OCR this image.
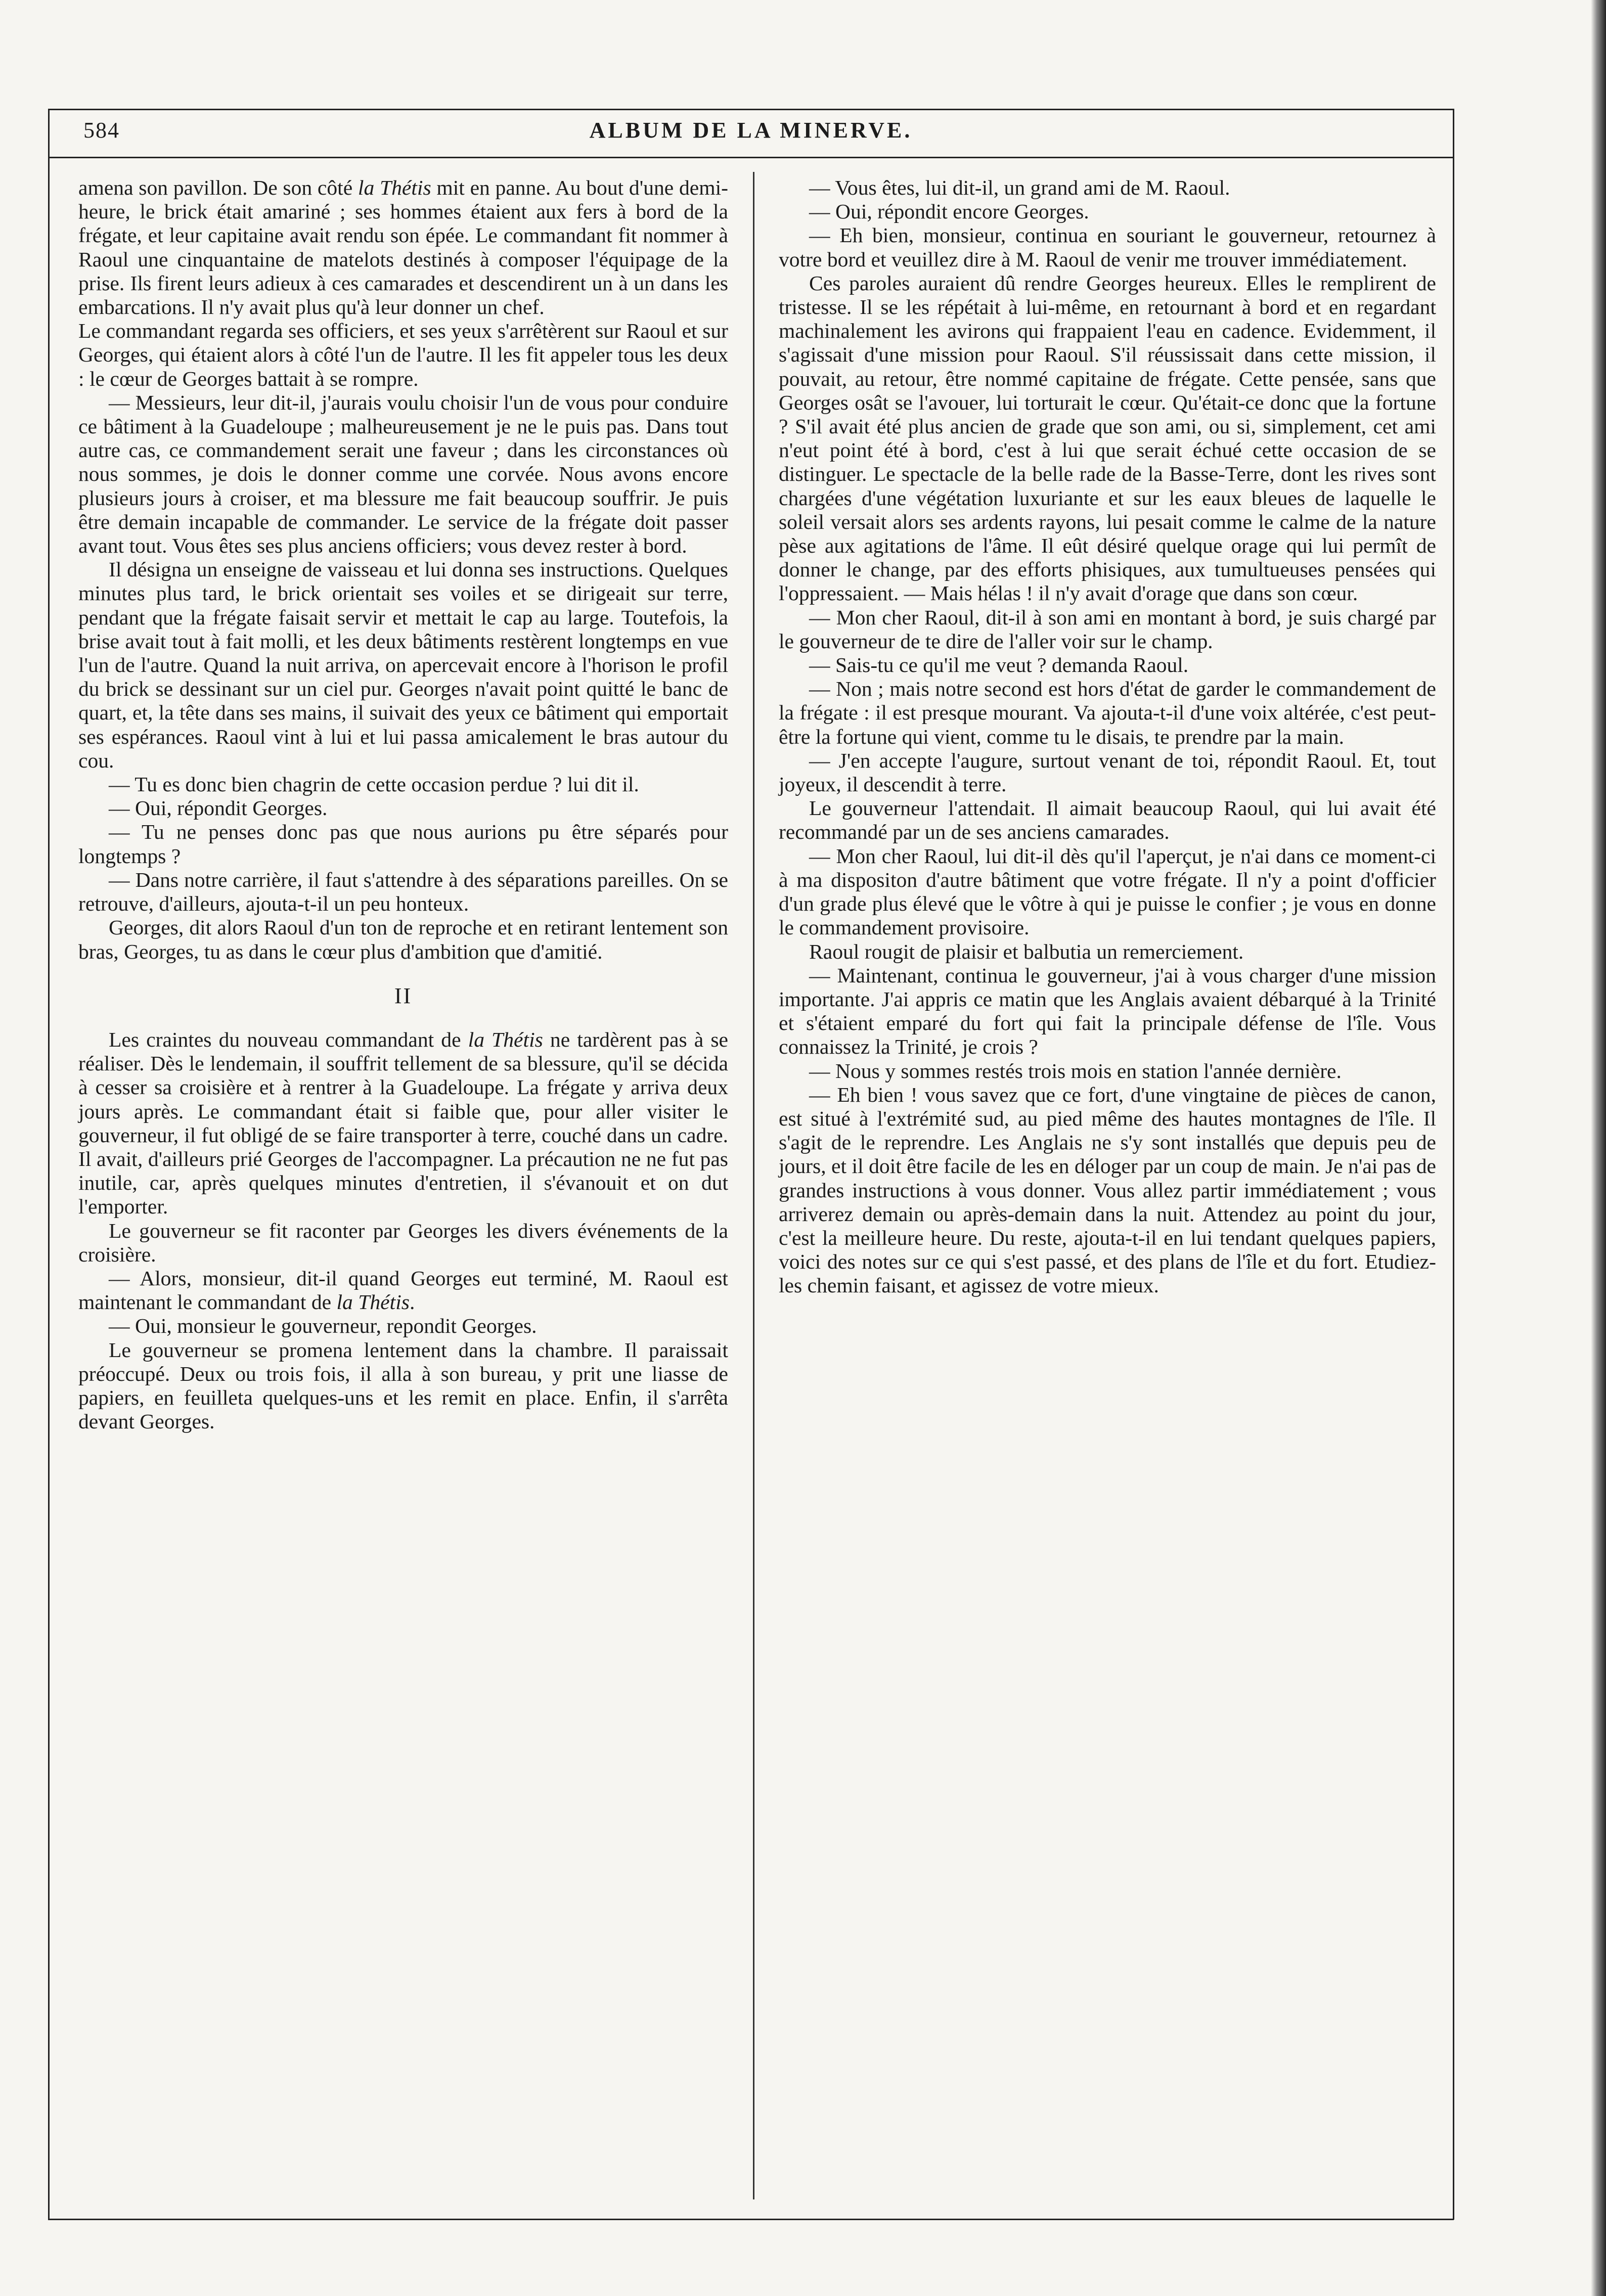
584	ALBUM DE LA MINERVE.

amena son pavillon. De son côté la Thétis mit en panne. Au bout d'une demi-heure, le brick était amariné ; ses hommes étaient aux fers à bord de la frégate, et leur capitaine avait rendu son épée. Le commandant fit nommer à Raoul une cinquantaine de matelots destinés à composer l'équipage de la prise. Ils firent leurs adieux à ces camarades et descendirent un à un dans les embarcations. Il n'y avait plus qu'à leur donner un chef.

Le commandant regarda ses officiers, et ses yeux s'arrêtèrent sur Raoul et sur Georges, qui étaient alors à côté l'un de l'autre. Il les fit appeler tous les deux : le cœur de Georges battait à se rompre.

— Messieurs, leur dit-il, j'aurais voulu choisir l'un de vous pour conduire ce bâtiment à la Guadeloupe ; malheureusement je ne le puis pas. Dans tout autre cas, ce commandement serait une faveur ; dans les circonstances où nous sommes, je dois le donner comme une corvée. Nous avons encore plusieurs jours à croiser, et ma blessure me fait beaucoup souffrir. Je puis être demain incapable de commander. Le service de la frégate doit passer avant tout. Vous êtes ses plus anciens officiers; vous devez rester à bord.

Il désigna un enseigne de vaisseau et lui donna ses instructions. Quelques minutes plus tard, le brick orientait ses voiles et se dirigeait sur terre, pendant que la frégate faisait servir et mettait le cap au large. Toutefois, la brise avait tout à fait molli, et les deux bâtiments restèrent longtemps en vue l'un de l'autre. Quand la nuit arriva, on apercevait encore à l'horison le profil du brick se dessinant sur un ciel pur. Georges n'avait point quitté le banc de quart, et, la tête dans ses mains, il suivait des yeux ce bâtiment qui emportait ses espérances. Raoul vint à lui et lui passa amicalement le bras autour du cou.

— Tu es donc bien chagrin de cette occasion perdue ? lui dit il.

— Oui, répondit Georges.

— Tu ne penses donc pas que nous aurions pu être séparés pour longtemps ?

— Dans notre carrière, il faut s'attendre à des séparations pareilles. On se retrouve, d'ailleurs, ajouta-t-il un peu honteux.

Georges, dit alors Raoul d'un ton de reproche et en retirant lentement son bras, Georges, tu as dans le cœur plus d'ambition que d'amitié.

II

Les craintes du nouveau commandant de la Thétis ne tardèrent pas à se réaliser. Dès le lendemain, il souffrit tellement de sa blessure, qu'il se décida à cesser sa croisière et à rentrer à la Guadeloupe. La frégate y arriva deux jours après. Le commandant était si faible que, pour aller visiter le gouverneur, il fut obligé de se faire transporter à terre, couché dans un cadre. Il avait, d'ailleurs prié Georges de l'accompagner. La précaution ne ne fut pas inutile, car, après quelques minutes d'entretien, il s'évanouit et on dut l'emporter.

Le gouverneur se fit raconter par Georges les divers événements de la croisière.

— Alors, monsieur, dit-il quand Georges eut terminé, M. Raoul est maintenant le commandant de la Thétis.

— Oui, monsieur le gouverneur, repondit Georges.

Le gouverneur se promena lentement dans la chambre. Il paraissait préoccupé. Deux ou trois fois, il alla à son bureau, y prit une liasse de papiers, en feuilleta quelques-uns et les remit en place. Enfin, il s'arrêta devant Georges.

— Vous êtes, lui dit-il, un grand ami de M. Raoul.

— Oui, répondit encore Georges.

— Eh bien, monsieur, continua en souriant le gouverneur, retournez à votre bord et veuillez dire à M. Raoul de venir me trouver immédiatement.

Ces paroles auraient dû rendre Georges heureux. Elles le remplirent de tristesse. Il se les répétait à lui-même, en retournant à bord et en regardant machinalement les avirons qui frappaient l'eau en cadence. Evidemment, il s'agissait d'une mission pour Raoul. S'il réussissait dans cette mission, il pouvait, au retour, être nommé capitaine de frégate. Cette pensée, sans que Georges osât se l'avouer, lui torturait le cœur. Qu'était-ce donc que la fortune ? S'il avait été plus ancien de grade que son ami, ou si, simplement, cet ami n'eut point été à bord, c'est à lui que serait échué cette occasion de se distinguer. Le spectacle de la belle rade de la Basse-Terre, dont les rives sont chargées d'une végétation luxuriante et sur les eaux bleues de laquelle le soleil versait alors ses ardents rayons, lui pesait comme le calme de la nature pèse aux agitations de l'âme. Il eût désiré quelque orage qui lui permît de donner le change, par des efforts phisiques, aux tumultueuses pensées qui l'oppressaient. — Mais hélas ! il n'y avait d'orage que dans son cœur.

— Mon cher Raoul, dit-il à son ami en montant à bord, je suis chargé par le gouverneur de te dire de l'aller voir sur le champ.

— Sais-tu ce qu'il me veut ? demanda Raoul.

— Non ; mais notre second est hors d'état de garder le commandement de la frégate : il est presque mourant. Va ajouta-t-il d'une voix altérée, c'est peut-être la fortune qui vient, comme tu le disais, te prendre par la main.

— J'en accepte l'augure, surtout venant de toi, répondit Raoul. Et, tout joyeux, il descendit à terre.

Le gouverneur l'attendait. Il aimait beaucoup Raoul, qui lui avait été recommandé par un de ses anciens camarades.

— Mon cher Raoul, lui dit-il dès qu'il l'aperçut, je n'ai dans ce moment-ci à ma dispositon d'autre bâtiment que votre frégate. Il n'y a point d'officier d'un grade plus élevé que le vôtre à qui je puisse le confier ; je vous en donne le commandement provisoire.

Raoul rougit de plaisir et balbutia un remerciement.

— Maintenant, continua le gouverneur, j'ai à vous charger d'une mission importante. J'ai appris ce matin que les Anglais avaient débarqué à la Trinité et s'étaient emparé du fort qui fait la principale défense de l'île. Vous connaissez la Trinité, je crois ?

— Nous y sommes restés trois mois en station l'année dernière.

— Eh bien ! vous savez que ce fort, d'une vingtaine de pièces de canon, est situé à l'extrémité sud, au pied même des hautes montagnes de l'île. Il s'agit de le reprendre. Les Anglais ne s'y sont installés que depuis peu de jours, et il doit être facile de les en déloger par un coup de main. Je n'ai pas de grandes instructions à vous donner. Vous allez partir immédiatement ; vous arriverez demain ou après-demain dans la nuit. Attendez au point du jour, c'est la meilleure heure. Du reste, ajouta-t-il en lui tendant quelques papiers, voici des notes sur ce qui s'est passé, et des plans de l'île et du fort. Etudiez-les chemin faisant, et agissez de votre mieux.
